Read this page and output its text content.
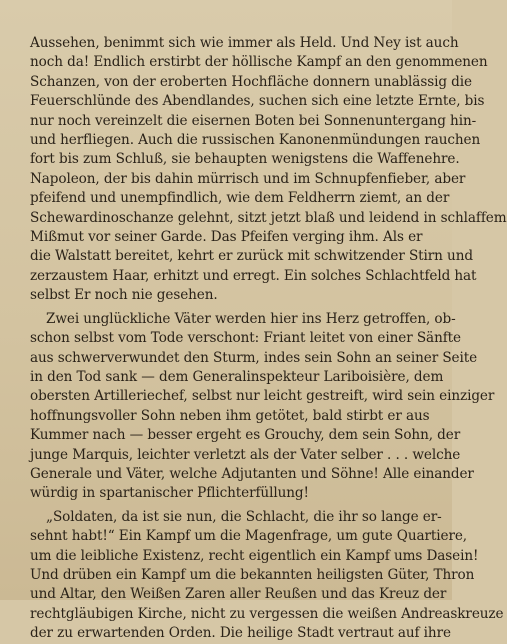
Aussehen, benimmt sich wie immer als Held. Und Ney ist auch
noch da! Endlich erstirbt der höllische Kampf an den genommenen
Schanzen, von der eroberten Hochfläche donnern unablässig die
Feuerschlünde des Abendlandes, suchen sich eine letzte Ernte, bis
nur noch vereinzelt die eisernen Boten bei Sonnenuntergang hin-
und herfliegen. Auch die russischen Kanonenmündungen rauchen
fort bis zum Schluß, sie behaupten wenigstens die Waffenehre.
Napoleon, der bis dahin mürrisch und im Schnupfenfieber, aber
pfeifend und unempfindlich, wie dem Feldherrn ziemt, an der
Schewardinoschanze gelehnt, sitzt jetzt blaß und leidend in schlaffem
Mißmut vor seiner Garde. Das Pfeifen verging ihm. Als er
die Walstatt bereitet, kehrt er zurück mit schwitzender Stirn und
zerzaustem Haar, erhitzt und erregt. Ein solches Schlachtfeld hat
selbst Er noch nie gesehen.
Zwei unglückliche Väter werden hier ins Herz getroffen, ob-
schon selbst vom Tode verschont: Friant leitet von einer Sänfte
aus schwerverwundet den Sturm, indes sein Sohn an seiner Seite
in den Tod sank — dem Generalinspekteur Lariboisière, dem
obersten Artilleriechef, selbst nur leicht gestreift, wird sein einziger
hoffnungsvoller Sohn neben ihm getötet, bald stirbt er aus
Kummer nach — besser ergeht es Grouchy, dem sein Sohn, der
junge Marquis, leichter verletzt als der Vater selber . . . welche
Generale und Väter, welche Adjutanten und Söhne! Alle einander
würdig in spartanischer Pflichterfüllung!
„Soldaten, da ist sie nun, die Schlacht, die ihr so lange er-
sehnt habt!“ Ein Kampf um die Magenfrage, um gute Quartiere,
um die leibliche Existenz, recht eigentlich ein Kampf ums Dasein!
Und drüben ein Kampf um die bekannten heiligsten Güter, Thron
und Altar, den Weißen Zaren aller Reußen und das Kreuz der
rechtgläubigen Kirche, nicht zu vergessen die weißen Andreaskreuze
der zu erwartenden Orden. Die heilige Stadt vertraut auf ihre
